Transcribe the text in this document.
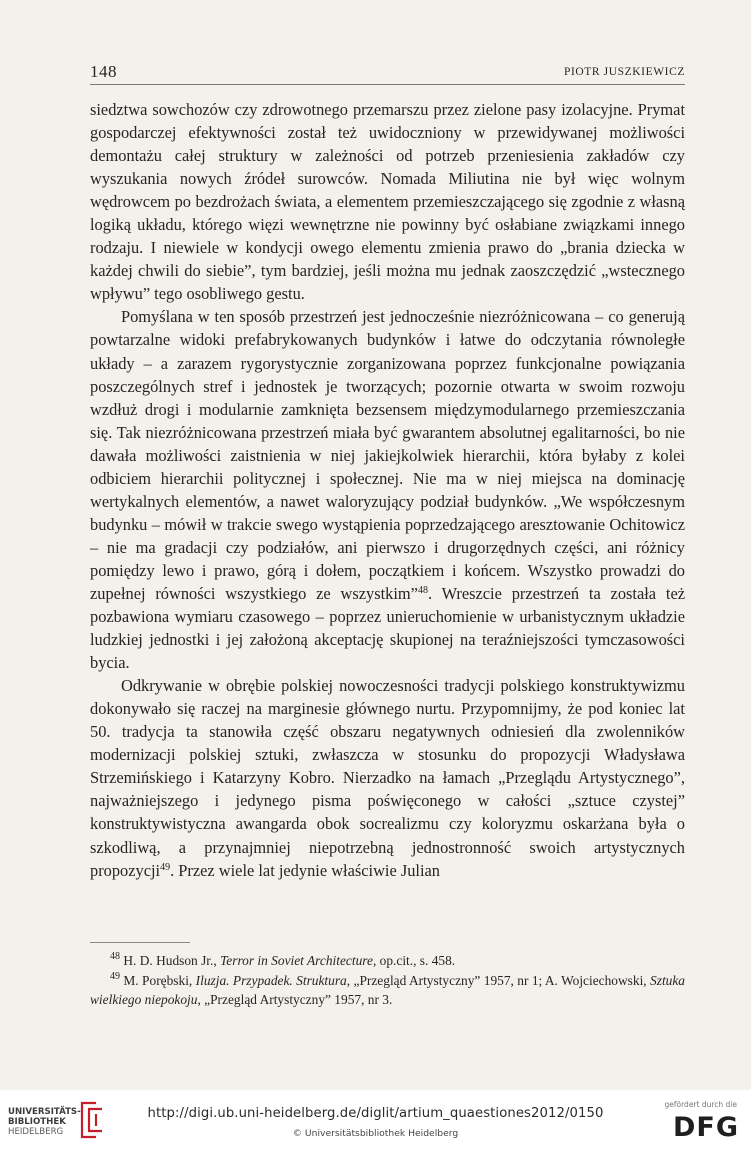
148	PIOTR JUSZKIEWICZ

siedztwa sowchozów czy zdrowotnego przemarszu przez zielone pasy izolacyjne. Prymat gospodarczej efektywności został też uwidoczniony w przewidywanej możliwości demontażu całej struktury w zależności od potrzeb przeniesienia zakładów czy wyszukania nowych źródeł surowców. Nomada Miliutina nie był więc wolnym wędrowcem po bezdrożach świata, a elementem przemieszczającego się zgodnie z własną logiką układu, którego więzi wewnętrzne nie powinny być osłabiane związkami innego rodzaju. I niewiele w kondycji owego elementu zmienia prawo do „brania dziecka w każdej chwili do siebie”, tym bardziej, jeśli można mu jednak zaoszczędzić „wstecznego wpływu” tego osobliwego gestu.

Pomyślana w ten sposób przestrzeń jest jednocześnie niezróżnicowana – co generują powtarzalne widoki prefabrykowanych budynków i łatwe do odczytania równoległe układy – a zarazem rygorystycznie zorganizowana poprzez funkcjonalne powiązania poszczególnych stref i jednostek je tworzących; pozornie otwarta w swoim rozwoju wzdłuż drogi i modularnie zamknięta bezsensem międzymodularnego przemieszczania się. Tak niezróżnicowana przestrzeń miała być gwarantem absolutnej egalitarności, bo nie dawała możliwości zaistnienia w niej jakiejkolwiek hierarchii, która byłaby z kolei odbiciem hierarchii politycznej i społecznej. Nie ma w niej miejsca na dominację wertykalnych elementów, a nawet waloryzujący podział budynków. „We współczesnym budynku – mówił w trakcie swego wystąpienia poprzedzającego aresztowanie Ochitowicz – nie ma gradacji czy podziałów, ani pierwszo i drugorzędnych części, ani różnicy pomiędzy lewo i prawo, górą i dołem, początkiem i końcem. Wszystko prowadzi do zupełnej równości wszystkiego ze wszystkim”$^{48}$. Wreszcie przestrzeń ta została też pozbawiona wymiaru czasowego – poprzez unieruchomienie w urbanistycznym układzie ludzkiej jednostki i jej założoną akceptację skupionej na teraźniejszości tymczasowości bycia.

Odkrywanie w obrębie polskiej nowoczesności tradycji polskiego konstruktywizmu dokonywało się raczej na marginesie głównego nurtu. Przypomnijmy, że pod koniec lat 50. tradycja ta stanowiła część obszaru negatywnych odniesień dla zwolenników modernizacji polskiej sztuki, zwłaszcza w stosunku do propozycji Władysława Strzemińskiego i Katarzyny Kobro. Nierzadko na łamach „Przeglądu Artystycznego”, najważniejszego i jedynego pisma poświęconego w całości „sztuce czystej” konstruktywistyczna awangarda obok socrealizmu czy koloryzmu oskarżana była o szkodliwą, a przynajmniej niepotrzebną jednostronność swoich artystycznych propozycji$^{49}$. Przez wiele lat jedynie właściwie Julian

$^{48}$ H. D. Hudson Jr., Terror in Soviet Architecture, op.cit., s. 458.

$^{49}$ M. Porębski, Iluzja. Przypadek. Struktura, „Przegląd Artystyczny” 1957, nr 1; A. Wojciechowski, Sztuka wielkiego niepokoju, „Przegląd Artystyczny” 1957, nr 3.

UNIVERSITÄTS-
BIBLIOTHEK
HEIDELBERG
http://digi.ub.uni-heidelberg.de/diglit/artium_quaestiones2012/0150
© Universitätsbibliothek Heidelberg
gefördert durch die
DFG
